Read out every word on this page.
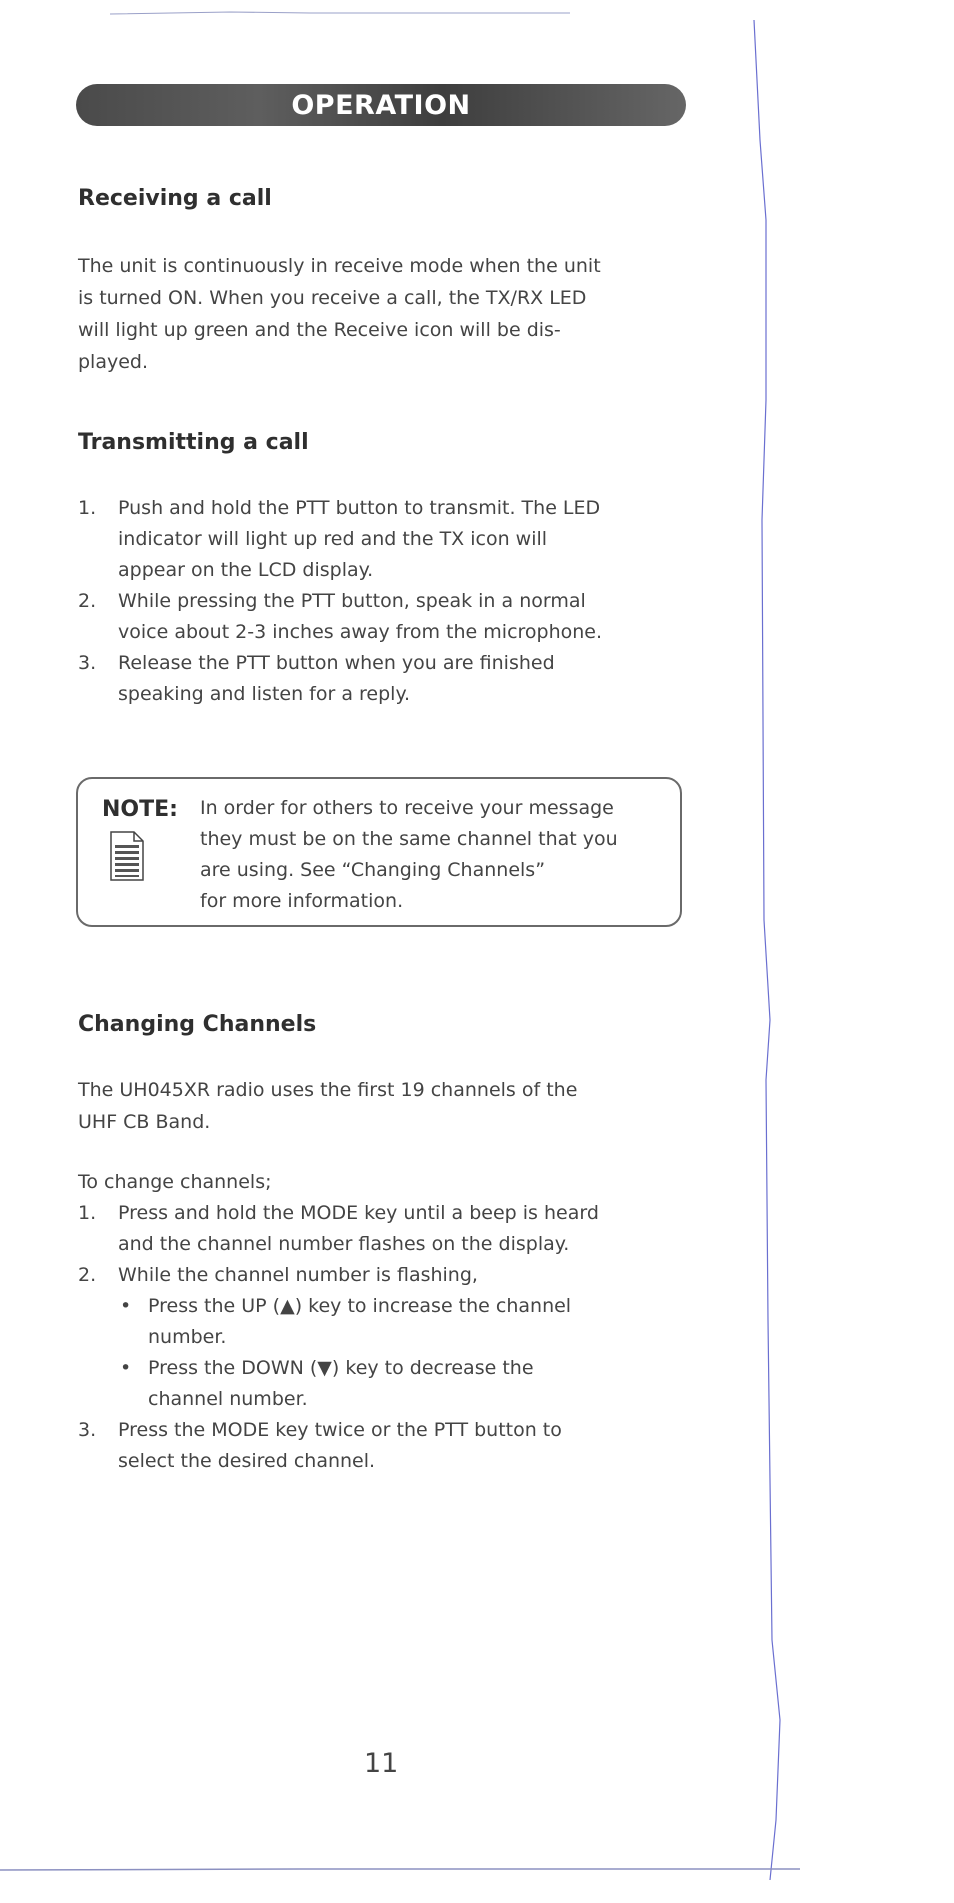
OPERATION
Receiving a call
The unit is continuously in receive mode when the unit
is turned ON. When you receive a call, the TX/RX LED
will light up green and the Receive icon will be dis-
played.
Transmitting a call
1. Push and hold the PTT button to transmit. The LED
indicator will light up red and the TX icon will
appear on the LCD display.
2. While pressing the PTT button, speak in a normal
voice about 2-3 inches away from the microphone.
3. Release the PTT button when you are finished
speaking and listen for a reply.
NOTE: In order for others to receive your message
they must be on the same channel that you
are using. See “Changing Channels”
for more information.
Changing Channels
The UH045XR radio uses the first 19 channels of the
UHF CB Band.
To change channels;
1. Press and hold the MODE key until a beep is heard
and the channel number flashes on the display.
2. While the channel number is flashing,
• Press the UP (▲) key to increase the channel
number.
• Press the DOWN (▼) key to decrease the
channel number.
3. Press the MODE key twice or the PTT button to
select the desired channel.
11
